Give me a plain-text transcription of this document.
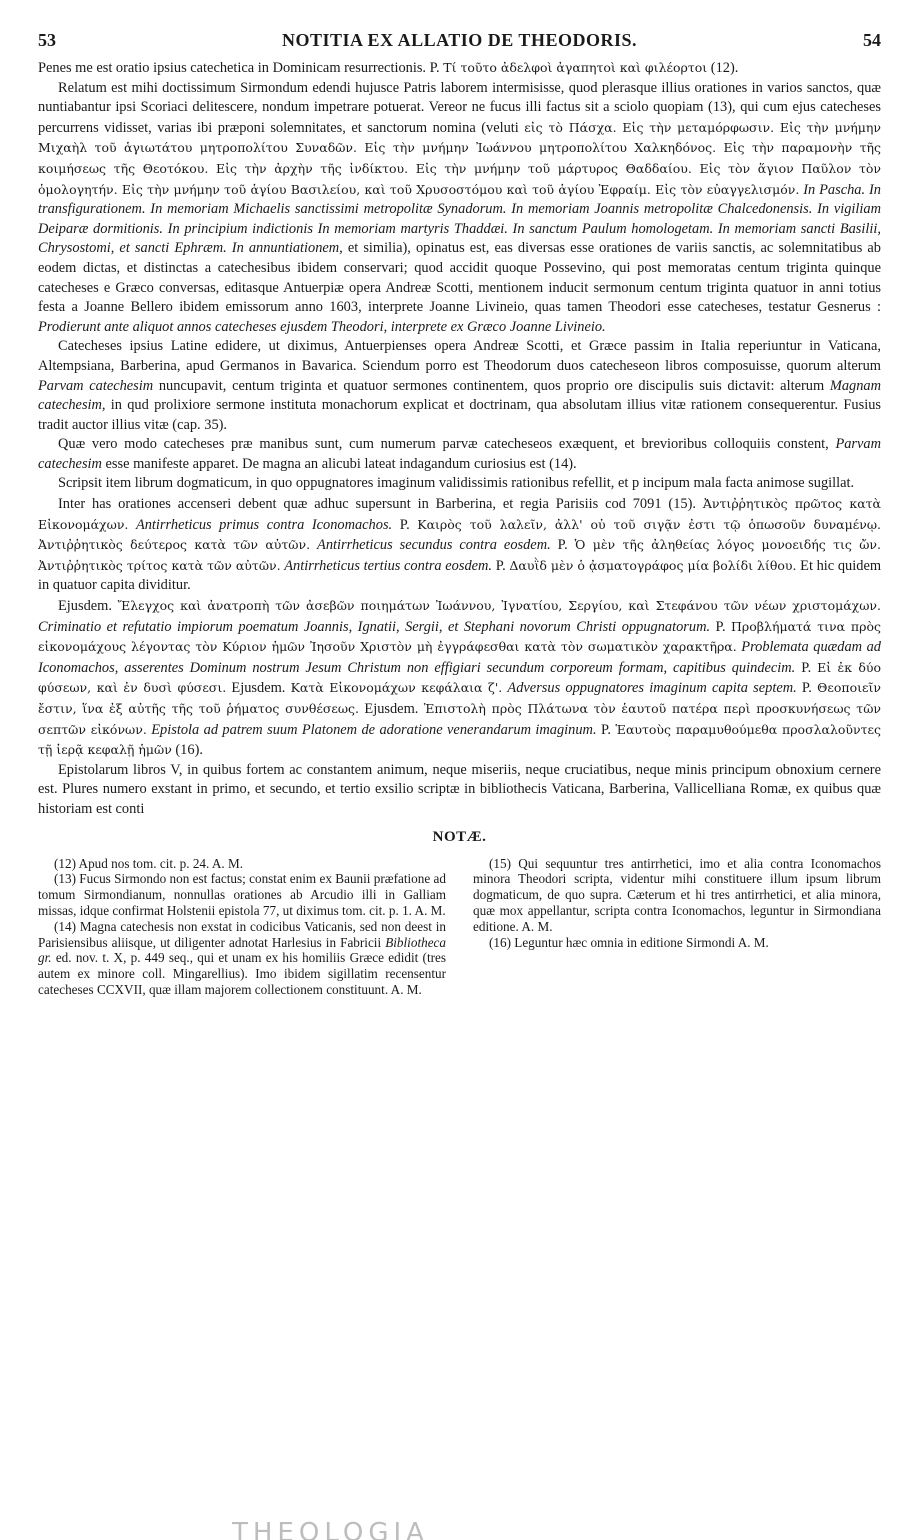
53	NOTITIA EX ALLATIO DE THEODORIS.	54

Penes me est oratio ipsius catechetica in Dominicam resurrectionis. P. Τί τοῦτο ἀδελφοὶ ἀγαπητοὶ καὶ φιλέορτοι (12).

Relatum est mihi doctissimum Sirmondum edendi hujusce Patris laborem intermisisse, quod plerasque illius orationes in varios sanctos, quæ nuntiabantur ipsi Scoriaci delitescere, nondum impetrare potuerat. Vereor ne fucus illi factus sit a sciolo quopiam (13), qui cum ejus catecheses percurrens vidisset, varias ibi præponi solemnitates, et sanctorum nomina (veluti εἰς τὸ Πάσχα. Εἰς τὴν μεταμόρφωσιν. Εἰς τὴν μνήμην Μιχαὴλ τοῦ ἁγιωτάτου μητροπολίτου Συναδῶν. Εἰς τὴν μνήμην Ἰωάννου μητροπολίτου Χαλκηδόνος. Εἰς τὴν παραμονὴν τῆς κοιμήσεως τῆς Θεοτόκου. Εἰς τὴν ἀρχὴν τῆς ἰνδίκτου. Εἰς τὴν μνήμην τοῦ μάρτυρος Θαδδαίου. Εἰς τὸν ἅγιον Παῦλον τὸν ὁμολογητήν. Εἰς τὴν μνήμην τοῦ ἁγίου Βασιλείου, καὶ τοῦ Χρυσοστόμου καὶ τοῦ ἁγίου Ἐφραίμ. Εἰς τὸν εὐαγγελισμόν. In Pascha. In transfigurationem. In memoriam Michaelis sanctissimi metropolitæ Synadorum. In memoriam Joannis metropolitæ Chalcedonensis. In vigiliam Deiparæ dormitionis. In principium indictionis In memoriam martyris Thaddæi. In sanctum Paulum homologetam. In memoriam sancti Basilii, Chrysostomi, et sancti Ephræm. In annuntiationem, et similia), opinatus est, eas diversas esse orationes de variis sanctis, ac solemnitatibus ab eodem dictas, et distinctas a catechesibus ibidem conservari; quod accidit quoque Possevino, qui post memoratas centum triginta quinque catecheses e Græco conversas, editasque Antuerpiæ opera Andreæ Scotti, mentionem inducit sermonum centum triginta quatuor in anni totius festa a Joanne Bellero ibidem emissorum anno 1603, interprete Joanne Livineio, quas tamen Theodori esse catecheses, testatur Gesnerus : Prodierunt ante aliquot annos catecheses ejusdem Theodori, interprete ex Græco Joanne Livineio.

Catecheses ipsius Latine edidere, ut diximus, Antuerpienses opera Andreæ Scotti, et Græce passim in Italia reperiuntur in Vaticana, Altempsiana, Barberina, apud Germanos in Bavarica. Sciendum porro est Theodorum duos catecheseon libros composuisse, quorum alterum Parvam catechesim nuncupavit, centum triginta et quatuor sermones continentem, quos proprio ore discipulis suis dictavit: alterum Magnam catechesim, in qud prolixiore sermone instituta monachorum explicat et doctrinam, qua absolutam illius vitæ rationem consequerentur. Fusius tradit auctor illius vitæ (cap. 35).

Quæ vero modo catecheses præ manibus sunt, cum numerum parvæ catecheseos exæquent, et brevioribus colloquiis constent, Parvam catechesim esse manifeste apparet. De magna an alicubi lateat indagandum curiosius est (14).

Scripsit item librum dogmaticum, in quo oppugnatores imaginum validissimis rationibus refellit, et p incipum mala facta animose sugillat.

Inter has orationes accenseri debent quæ adhuc supersunt in Barberina, et regia Parisiis cod 7091 (15). Ἀντιῤῥητικὸς πρῶτος κατὰ Εἰκονομάχων. Antirrheticus primus contra Iconomachos. P. Καιρὸς τοῦ λαλεῖν, ἀλλ' οὐ τοῦ σιγᾷν ἐστι τῷ ὁπωσοῦν δυναμένῳ. Ἀντιῤῥητικὸς δεύτερος κατὰ τῶν αὐτῶν. Antirrheticus secundus contra eosdem. P. Ὁ μὲν τῆς ἀληθείας λόγος μονοειδής τις ὤν. Ἀντιῤῥητικὸς τρίτος κατὰ τῶν αὐτῶν. Antirrheticus tertius contra eosdem. P. Δαυῒδ μὲν ὁ ᾀσματογράφος μία βολίδι λίθου. Et hic quidem in quatuor capita dividitur.

Ejusdem. Ἔλεγχος καὶ ἀνατροπὴ τῶν ἀσεβῶν ποιημάτων Ἰωάννου, Ἰγνατίου, Σεργίου, καὶ Στεφάνου τῶν νέων χριστομάχων. Criminatio et refutatio impiorum poematum Joannis, Ignatii, Sergii, et Stephani novorum Christi oppugnatorum. P. Προβλήματά τινα πρὸς εἰκονομάχους λέγοντας τὸν Κύριον ἡμῶν Ἰησοῦν Χριστὸν μὴ ἐγγράφεσθαι κατὰ τὸν σωματικὸν χαρακτῆρα. Problemata quædam ad Iconomachos, asserentes Dominum nostrum Jesum Christum non effigiari secundum corporeum formam, capitibus quindecim. P. Εἰ ἐκ δύο φύσεων, καὶ ἐν δυσὶ φύσεσι. Ejusdem. Κατὰ Εἰκονομάχων κεφάλαια ζ'. Adversus oppugnatores imaginum capita septem. P. Θεοποιεῖν ἔστιν, ἵνα ἐξ αὐτῆς τῆς τοῦ ῥήματος συνθέσεως. Ejusdem. Ἐπιστολὴ πρὸς Πλάτωνα τὸν ἑαυτοῦ πατέρα περὶ προσκυνήσεως τῶν σεπτῶν εἰκόνων. Epistola ad patrem suum Platonem de adoratione venerandarum imaginum. P. Ἑαυτοὺς παραμυθούμεθα προσλαλοῦντες τῇ ἱερᾷ κεφαλῇ ἡμῶν (16).

Epistolarum libros V, in quibus fortem ac constantem animum, neque miseriis, neque cruciatibus, neque minis principum obnoxium cernere est. Plures numero exstant in primo, et secundo, et tertio exsilio scriptæ in bibliothecis Vaticana, Barberina, Vallicelliana Romæ, ex quibus quæ historiam est conti

NOTÆ.

(12) Apud nos tom. cit. p. 24. A. M.

(13) Fucus Sirmondo non est factus; constat enim ex Baunii præfatione ad tomum Sirmondianum, nonnullas orationes ab Arcudio illi in Galliam missas, idque confirmat Holstenii epistola 77, ut diximus tom. cit. p. 1. A. M.

(14) Magna catechesis non exstat in codicibus Vaticanis, sed non deest in Parisiensibus aliisque, ut diligenter adnotat Harlesius in Fabricii Bibliotheca gr. ed. nov. t. X, p. 449 seq., qui et unam ex his homiliis Græce edidit (tres autem ex minore coll. Mingarellius). Imo ibidem sigillatim recensentur catecheses CCXVII, quæ illam majorem collectionem constituunt. A. M.

(15) Qui sequuntur tres antirrhetici, imo et alia contra Iconomachos minora Theodori scripta, videntur mihi constituere illum ipsum librum dogmaticum, de quo supra. Cæterum et hi tres antirrhetici, et alia minora, quæ mox appellantur, scripta contra Iconomachos, leguntur in Sirmondiana editione. A. M.

(16) Leguntur hæc omnia in editione Sirmondi A. M.

THEOLOGIA
